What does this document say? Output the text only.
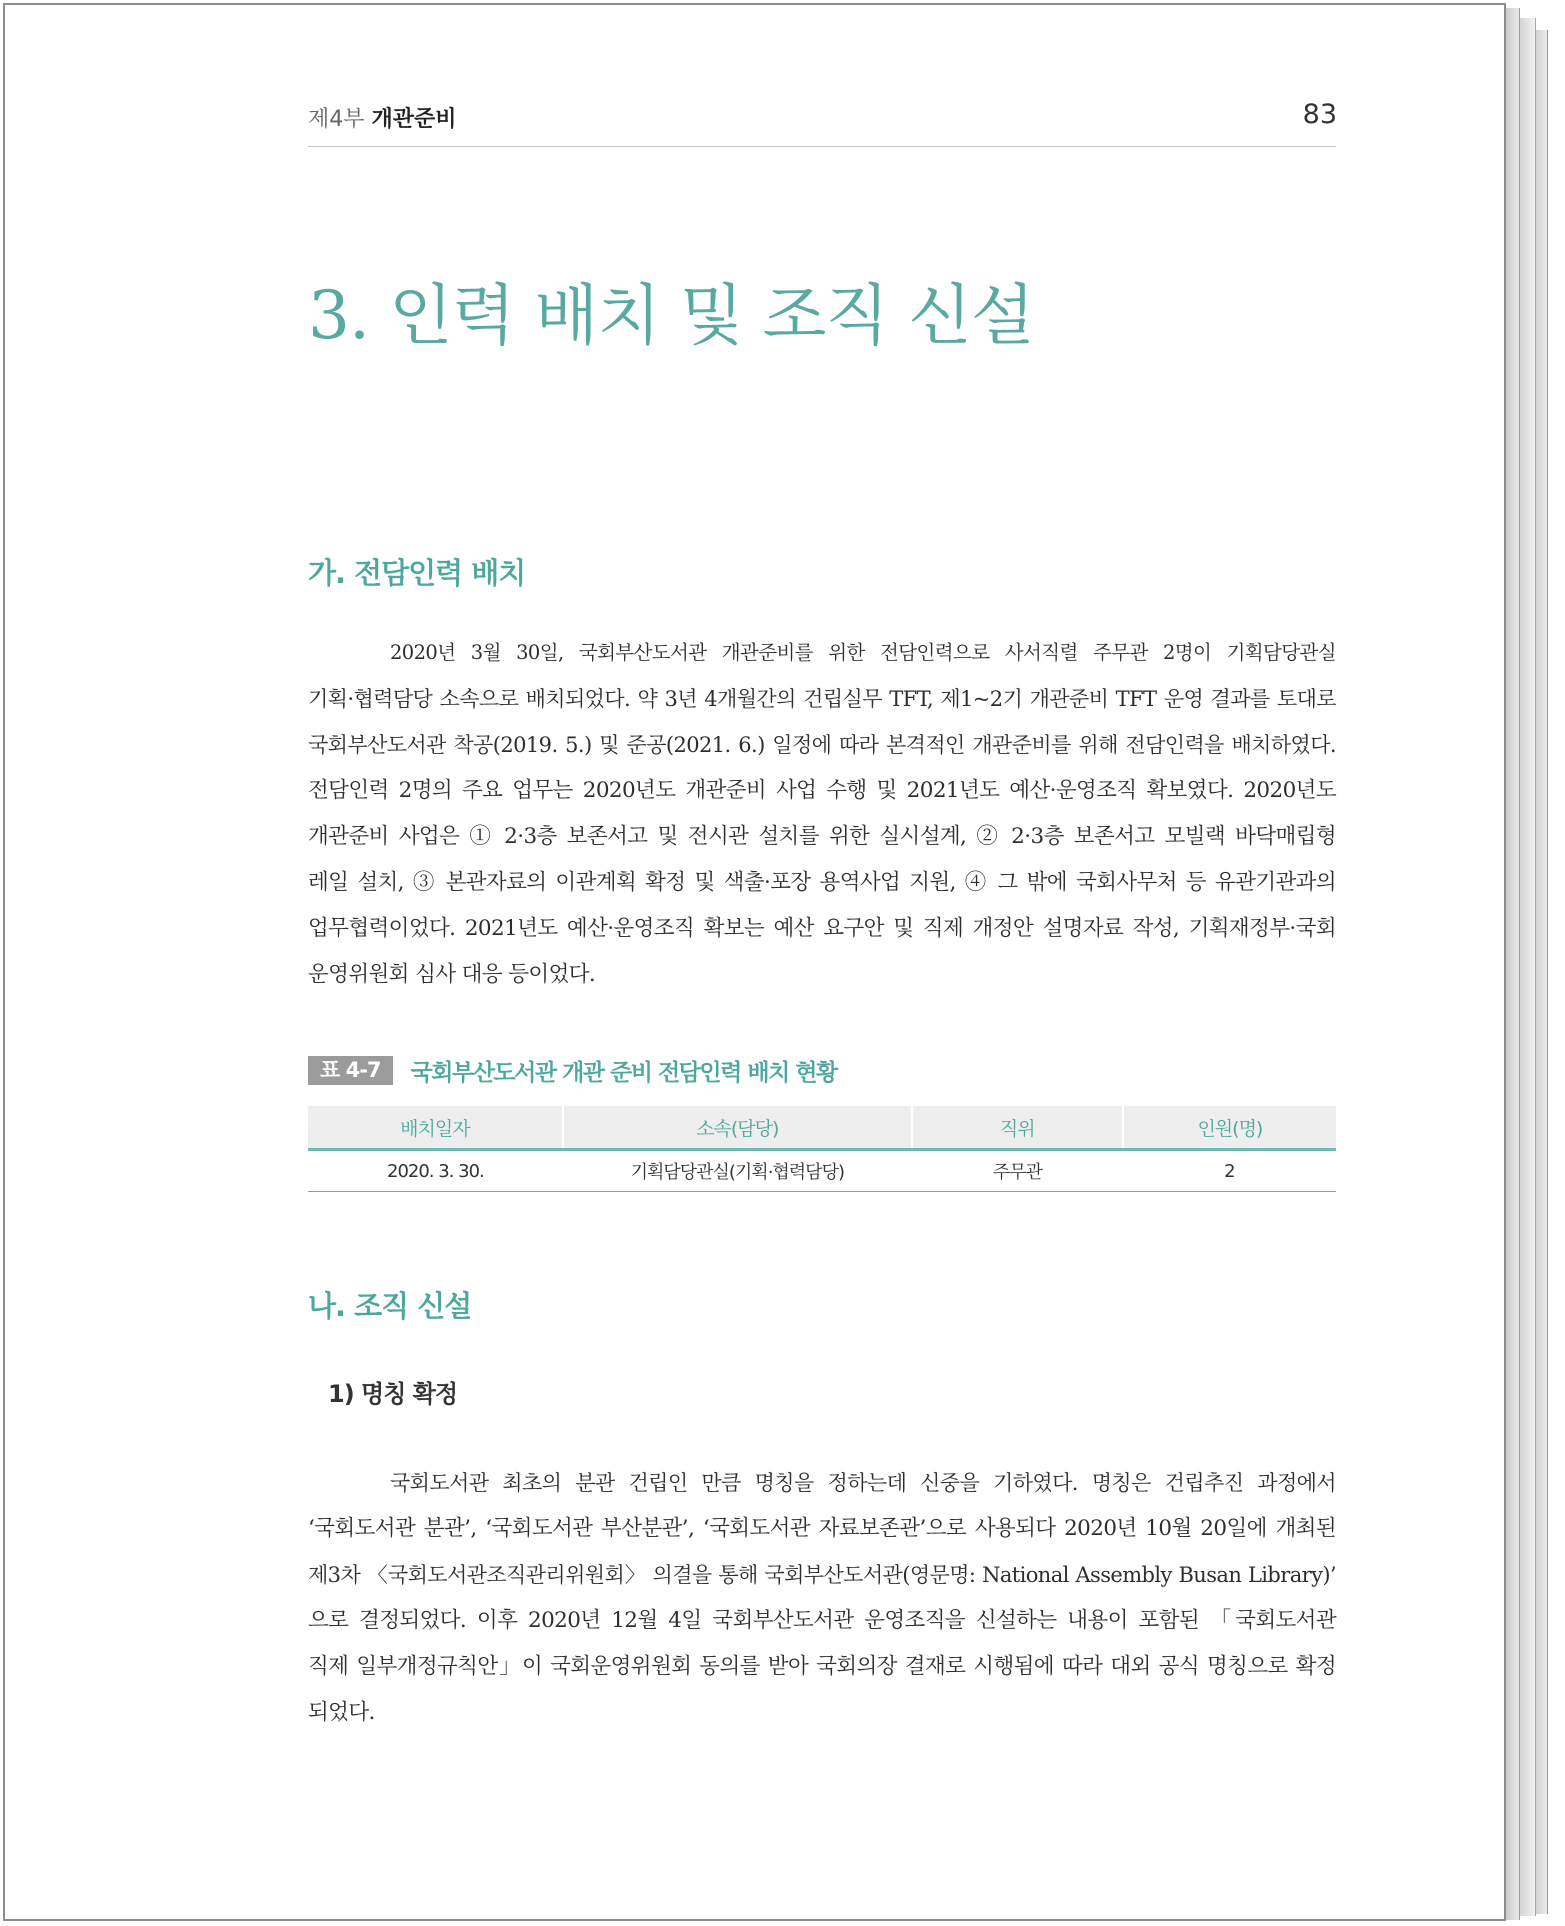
제4부 개관준비	83
3. 인력 배치 및 조직 신설
가. 전담인력 배치
2020년 3월 30일, 국회부산도서관 개관준비를 위한 전담인력으로 사서직렬 주무관 2명이 기획담당관실
기획·협력담당 소속으로 배치되었다. 약 3년 4개월간의 건립실무 TFT, 제1~2기 개관준비 TFT 운영 결과를 토대로
국회부산도서관 착공(2019. 5.) 및 준공(2021. 6.) 일정에 따라 본격적인 개관준비를 위해 전담인력을 배치하였다.
전담인력 2명의 주요 업무는 2020년도 개관준비 사업 수행 및 2021년도 예산·운영조직 확보였다. 2020년도
개관준비 사업은 ① 2·3층 보존서고 및 전시관 설치를 위한 실시설계, ② 2·3층 보존서고 모빌랙 바닥매립형
레일 설치, ③ 본관자료의 이관계획 확정 및 색출·포장 용역사업 지원, ④ 그 밖에 국회사무처 등 유관기관과의
업무협력이었다. 2021년도 예산·운영조직 확보는 예산 요구안 및 직제 개정안 설명자료 작성, 기획재정부·국회
운영위원회 심사 대응 등이었다.
표 4-7	국회부산도서관 개관 준비 전담인력 배치 현황
배치일자	소속(담당)	직위	인원(명)
2020. 3. 30.	기획담당관실(기획·협력담당)	주무관	2
나. 조직 신설
1) 명칭 확정
국회도서관 최초의 분관 건립인 만큼 명칭을 정하는데 신중을 기하였다. 명칭은 건립추진 과정에서
‘국회도서관 분관’, ‘국회도서관 부산분관’, ‘국회도서관 자료보존관’으로 사용되다 2020년 10월 20일에 개최된
제3차 〈국회도서관조직관리위원회〉 의결을 통해 국회부산도서관(영문명: National Assembly Busan Library)’
으로 결정되었다. 이후 2020년 12월 4일 국회부산도서관 운영조직을 신설하는 내용이 포함된 「국회도서관
직제 일부개정규칙안」이 국회운영위원회 동의를 받아 국회의장 결재로 시행됨에 따라 대외 공식 명칭으로 확정
되었다.
